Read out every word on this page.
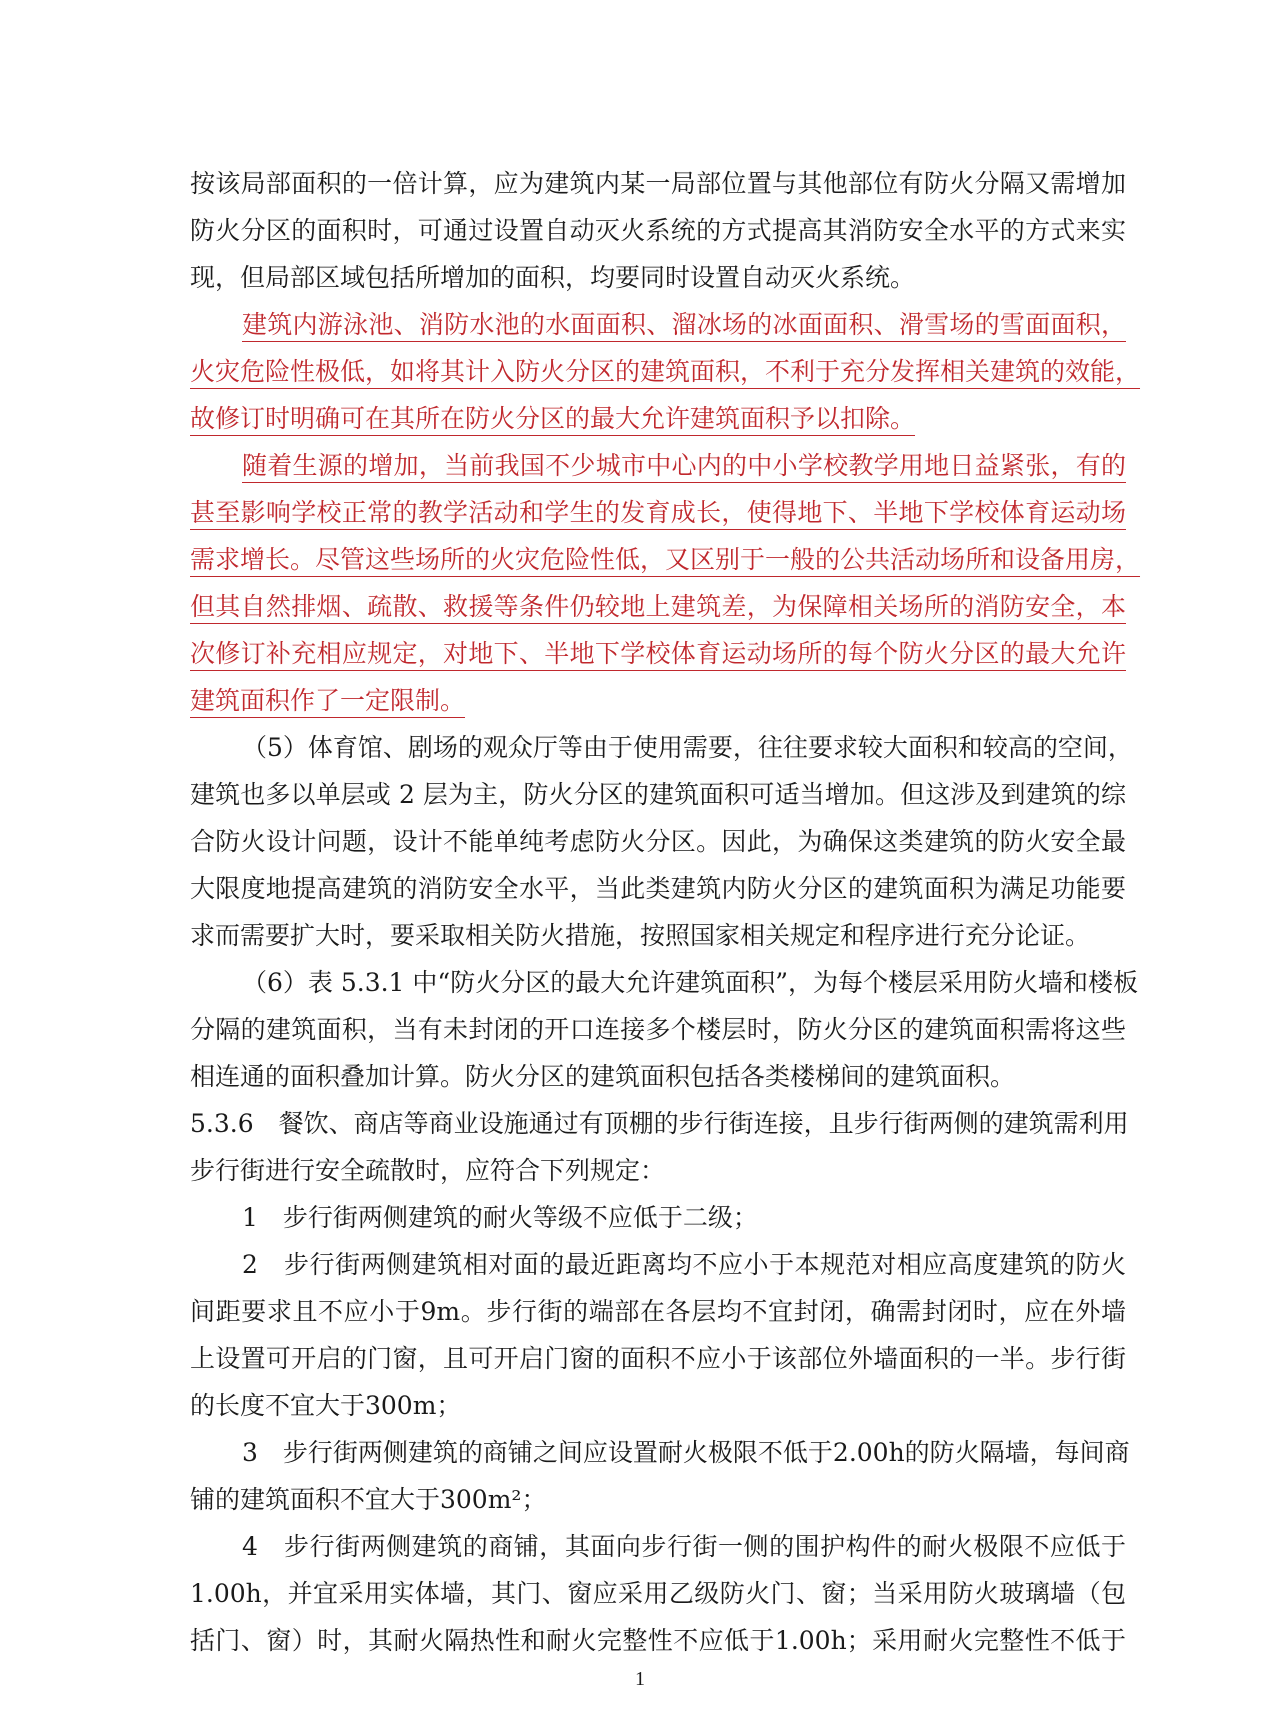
按该局部面积的一倍计算，应为建筑内某一局部位置与其他部位有防火分隔又需增加
防火分区的面积时，可通过设置自动灭火系统的方式提高其消防安全水平的方式来实
现，但局部区域包括所增加的面积，均要同时设置自动灭火系统。
建筑内游泳池、消防水池的水面面积、溜冰场的冰面面积、滑雪场的雪面面积，
火灾危险性极低，如将其计入防火分区的建筑面积，不利于充分发挥相关建筑的效能，
故修订时明确可在其所在防火分区的最大允许建筑面积予以扣除。
随着生源的增加，当前我国不少城市中心内的中小学校教学用地日益紧张，有的
甚至影响学校正常的教学活动和学生的发育成长，使得地下、半地下学校体育运动场
需求增长。尽管这些场所的火灾危险性低，又区别于一般的公共活动场所和设备用房，
但其自然排烟、疏散、救援等条件仍较地上建筑差，为保障相关场所的消防安全，本
次修订补充相应规定，对地下、半地下学校体育运动场所的每个防火分区的最大允许
建筑面积作了一定限制。
（5）体育馆、剧场的观众厅等由于使用需要，往往要求较大面积和较高的空间，
建筑也多以单层或 2 层为主，防火分区的建筑面积可适当增加。但这涉及到建筑的综
合防火设计问题，设计不能单纯考虑防火分区。因此，为确保这类建筑的防火安全最
大限度地提高建筑的消防安全水平，当此类建筑内防火分区的建筑面积为满足功能要
求而需要扩大时，要采取相关防火措施，按照国家相关规定和程序进行充分论证。
（6）表 5.3.1 中“防火分区的最大允许建筑面积”，为每个楼层采用防火墙和楼板
分隔的建筑面积，当有未封闭的开口连接多个楼层时，防火分区的建筑面积需将这些
相连通的面积叠加计算。防火分区的建筑面积包括各类楼梯间的建筑面积。
5.3.6　餐饮、商店等商业设施通过有顶棚的步行街连接，且步行街两侧的建筑需利用
步行街进行安全疏散时，应符合下列规定：
1　步行街两侧建筑的耐火等级不应低于二级；
2　步行街两侧建筑相对面的最近距离均不应小于本规范对相应高度建筑的防火
间距要求且不应小于9m。步行街的端部在各层均不宜封闭，确需封闭时，应在外墙
上设置可开启的门窗，且可开启门窗的面积不应小于该部位外墙面积的一半。步行街
的长度不宜大于300m；
3　步行街两侧建筑的商铺之间应设置耐火极限不低于2.00h的防火隔墙，每间商
铺的建筑面积不宜大于300m²；
4　步行街两侧建筑的商铺，其面向步行街一侧的围护构件的耐火极限不应低于
1.00h，并宜采用实体墙，其门、窗应采用乙级防火门、窗；当采用防火玻璃墙（包
括门、窗）时，其耐火隔热性和耐火完整性不应低于1.00h；采用耐火完整性不低于
1
